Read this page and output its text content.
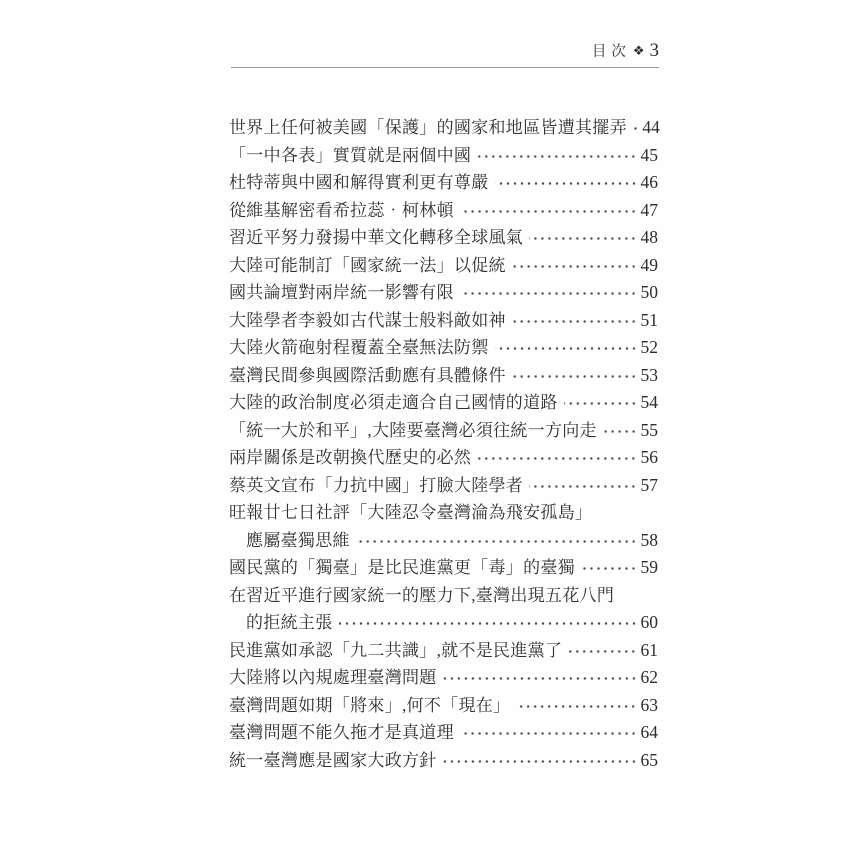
目次 ❖ 3
世界上任何被美國「保護」的國家和地區皆遭其擺弄 44
「一中各表」實質就是兩個中國	45
杜特蒂與中國和解得實利更有尊嚴	46
從維基解密看希拉蕊‧柯林頓	47
習近平努力發揚中華文化轉移全球風氣	48
大陸可能制訂「國家統一法」以促統	49
國共論壇對兩岸統一影響有限	50
大陸學者李毅如古代謀士般料敵如神	51
大陸火箭砲射程覆蓋全臺無法防禦	52
臺灣民間參與國際活動應有具體條件	53
大陸的政治制度必須走適合自己國情的道路	54
「統一大於和平」,大陸要臺灣必須往統一方向走 55
兩岸關係是改朝換代歷史的必然	56
蔡英文宣布「力抗中國」打臉大陸學者	57
旺報廿七日社評「大陸忍令臺灣淪為飛安孤島」
應屬臺獨思維	58
國民黨的「獨臺」是比民進黨更「毒」的臺獨	59
在習近平進行國家統一的壓力下,臺灣出現五花八門
的拒統主張	60
民進黨如承認「九二共識」,就不是民進黨了	61
大陸將以內規處理臺灣問題	62
臺灣問題如期「將來」,何不「現在」	63
臺灣問題不能久拖才是真道理	64
統一臺灣應是國家大政方針	65
